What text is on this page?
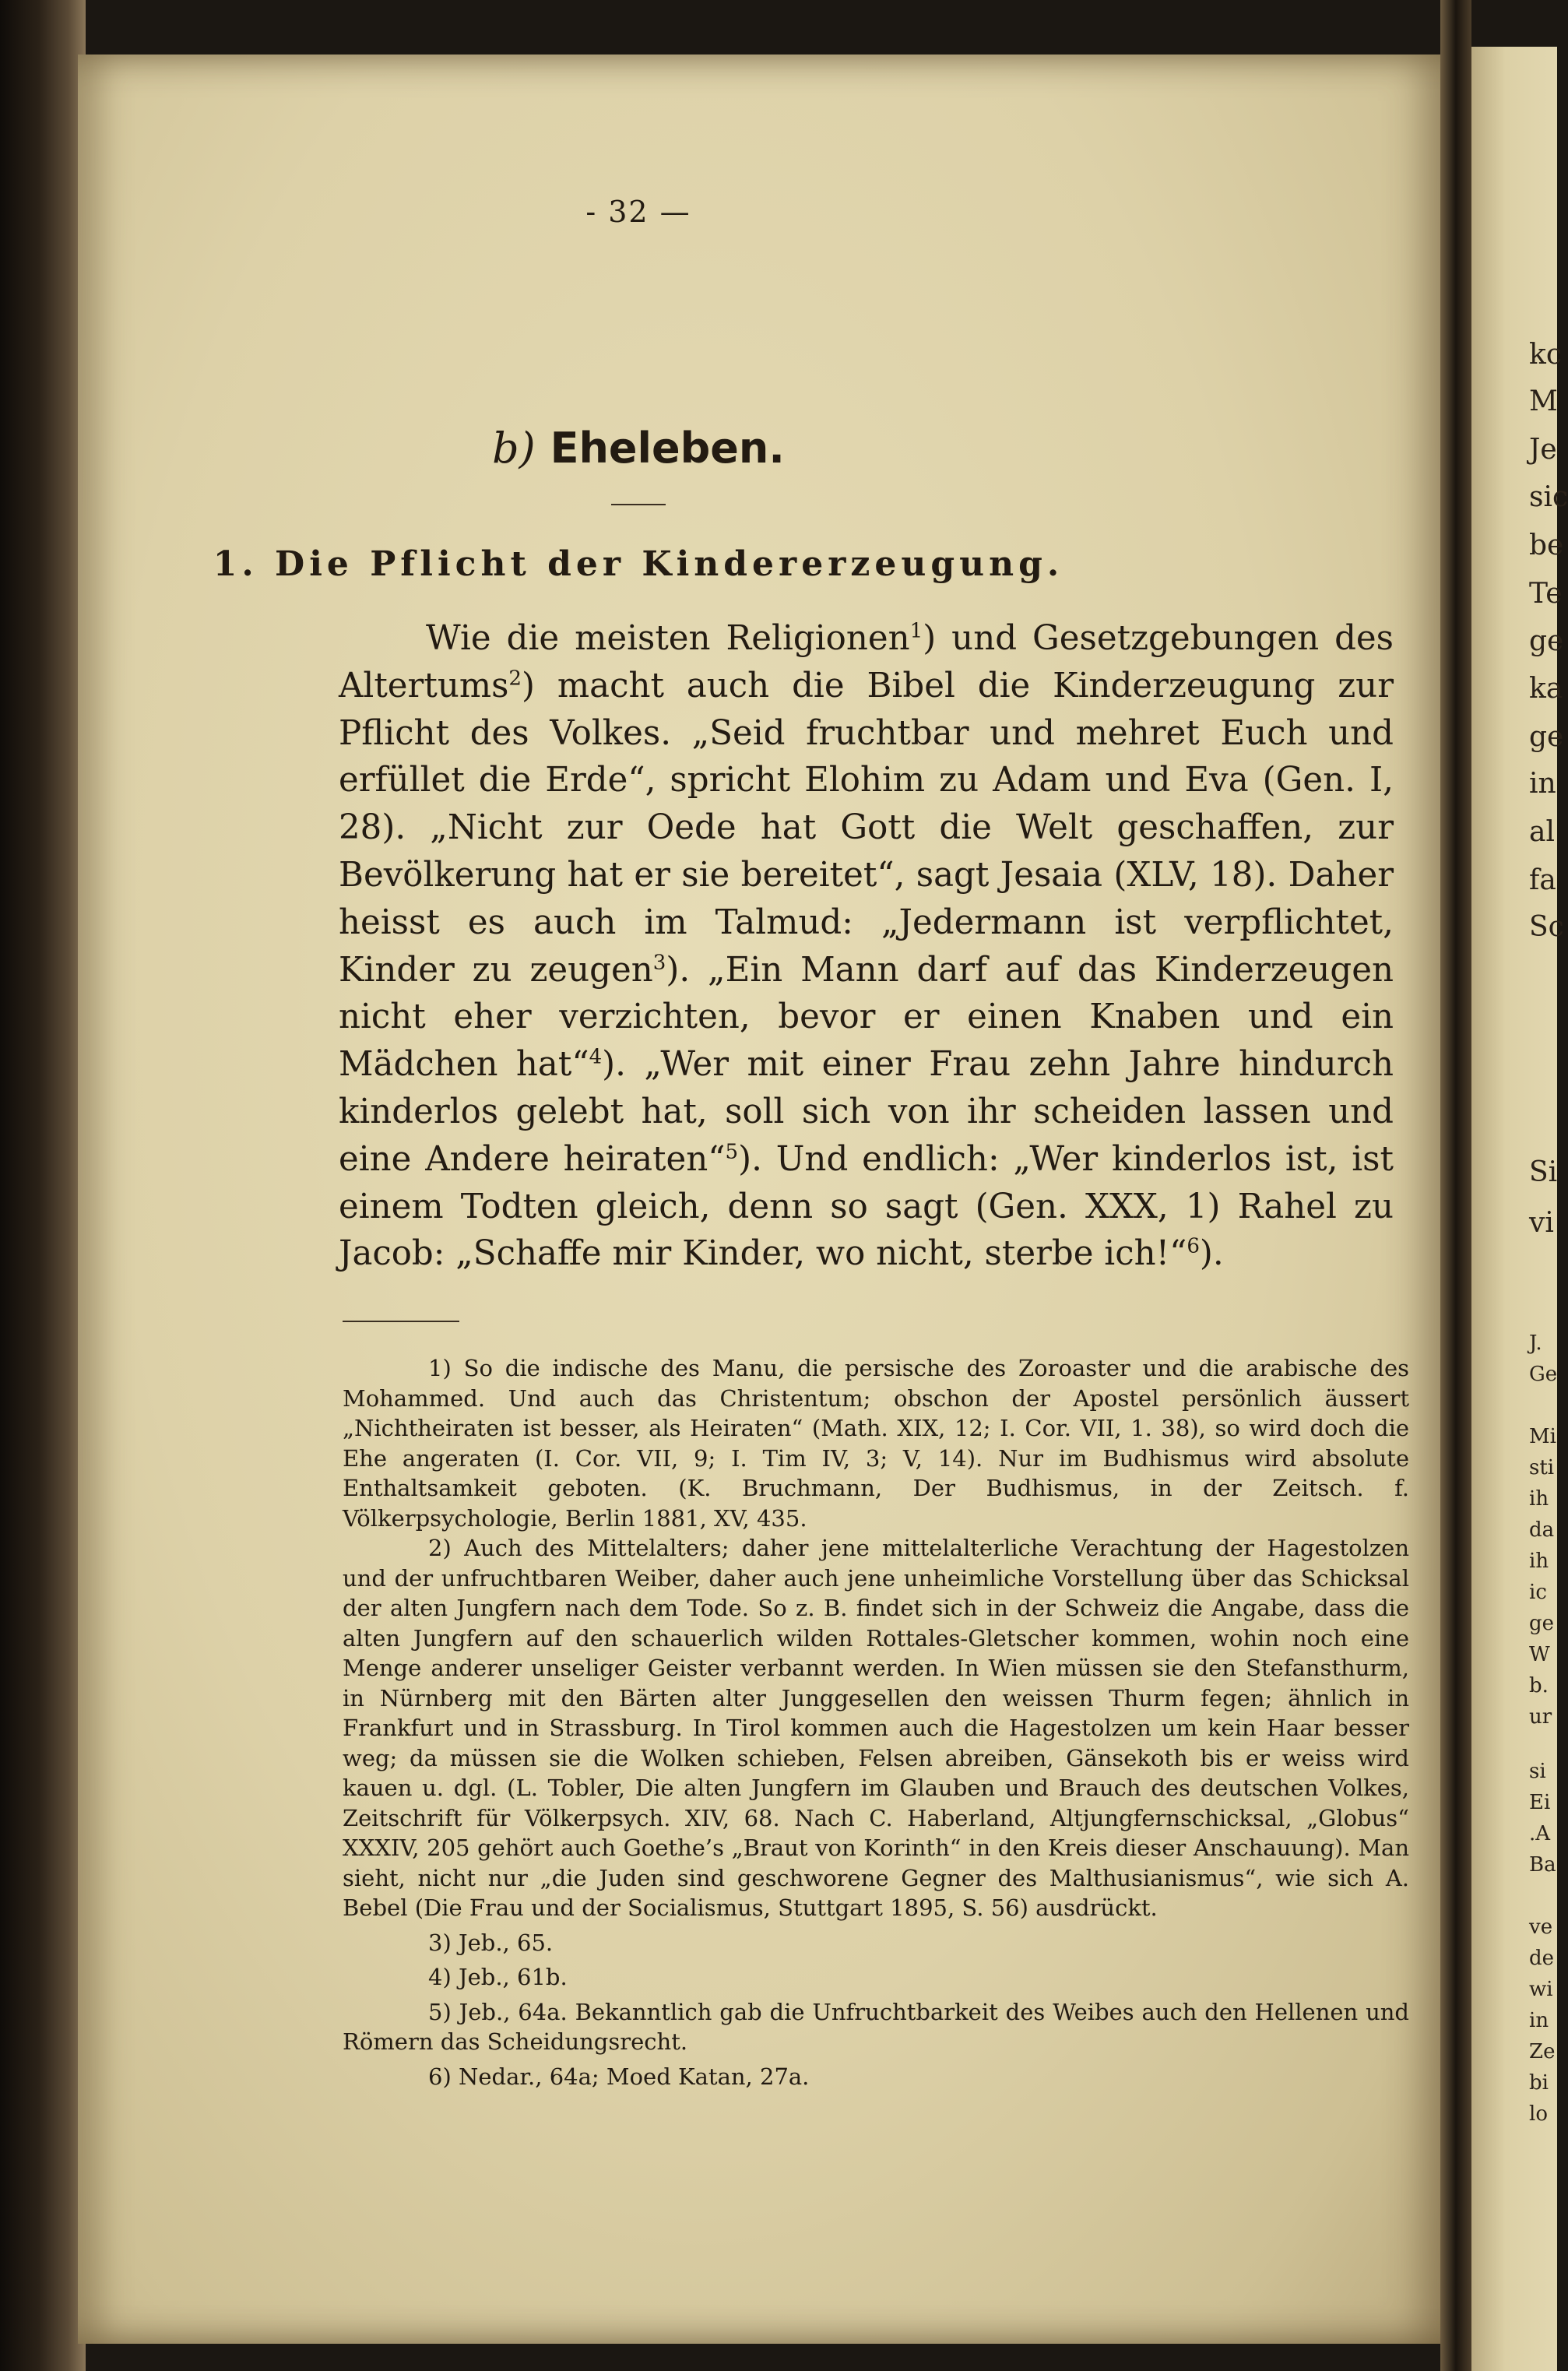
kc

M

Je

sic

be

Te

ge

ka

ge

in

al

fa

Sc

Si

vi

J.

Ge

Mi

sti

ih

da

ih

ic

ge

W

b.

ur

si

Ei

.A

Ba

ve

de

wi

in

Ze

bi

lo

- 32 —

b) Eheleben.
1. Die Pflicht der Kindererzeugung.

Wie die meisten Religionen$^1$) und Gesetzgebungen des Altertums$^2$) macht auch die Bibel die Kinderzeugung zur Pflicht des Volkes. „Seid fruchtbar und mehret Euch und erfüllet die Erde“, spricht Elohim zu Adam und Eva (Gen. I, 28). „Nicht zur Oede hat Gott die Welt geschaffen, zur Bevölkerung hat er sie bereitet“, sagt Jesaia (XLV, 18). Daher heisst es auch im Talmud: „Jedermann ist verpflichtet, Kinder zu zeugen$^3$). „Ein Mann darf auf das Kinderzeugen nicht eher verzichten, bevor er einen Knaben und ein Mädchen hat“$^4$). „Wer mit einer Frau zehn Jahre hindurch kinderlos gelebt hat, soll sich von ihr scheiden lassen und eine Andere heiraten“$^5$). Und endlich: „Wer kinderlos ist, ist einem Todten gleich, denn so sagt (Gen. XXX, 1) Rahel zu Jacob: „Schaffe mir Kinder, wo nicht, sterbe ich!“$^6$).

1) So die indische des Manu, die persische des Zoroaster und die arabische des Mohammed. Und auch das Christentum; obschon der Apostel persönlich äussert „Nichtheiraten ist besser, als Heiraten“ (Math. XIX, 12; I. Cor. VII, 1. 38), so wird doch die Ehe angeraten (I. Cor. VII, 9; I. Tim IV, 3; V, 14). Nur im Budhismus wird absolute Enthaltsamkeit geboten. (K. Bruchmann, Der Budhismus, in der Zeitsch. f. Völkerpsychologie, Berlin 1881, XV, 435.

2) Auch des Mittelalters; daher jene mittelalterliche Verachtung der Hagestolzen und der unfruchtbaren Weiber, daher auch jene unheimliche Vorstellung über das Schicksal der alten Jungfern nach dem Tode. So z. B. findet sich in der Schweiz die Angabe, dass die alten Jungfern auf den schauerlich wilden Rottales-Gletscher kommen, wohin noch eine Menge anderer unseliger Geister verbannt werden. In Wien müssen sie den Stefansthurm, in Nürnberg mit den Bärten alter Junggesellen den weissen Thurm fegen; ähnlich in Frankfurt und in Strassburg. In Tirol kommen auch die Hagestolzen um kein Haar besser weg; da müssen sie die Wolken schieben, Felsen abreiben, Gänsekoth bis er weiss wird kauen u. dgl. (L. Tobler, Die alten Jungfern im Glauben und Brauch des deutschen Volkes, Zeitschrift für Völkerpsych. XIV, 68. Nach C. Haberland, Altjungfernschicksal, „Globus“ XXXIV, 205 gehört auch Goethe’s „Braut von Korinth“ in den Kreis dieser Anschauung). Man sieht, nicht nur „die Juden sind geschworene Gegner des Malthusianismus“, wie sich A. Bebel (Die Frau und der Socialismus, Stuttgart 1895, S. 56) ausdrückt.

3) Jeb., 65.

4) Jeb., 61b.

5) Jeb., 64a. Bekanntlich gab die Unfruchtbarkeit des Weibes auch den Hellenen und Römern das Scheidungsrecht.

6) Nedar., 64a; Moed Katan, 27a.
